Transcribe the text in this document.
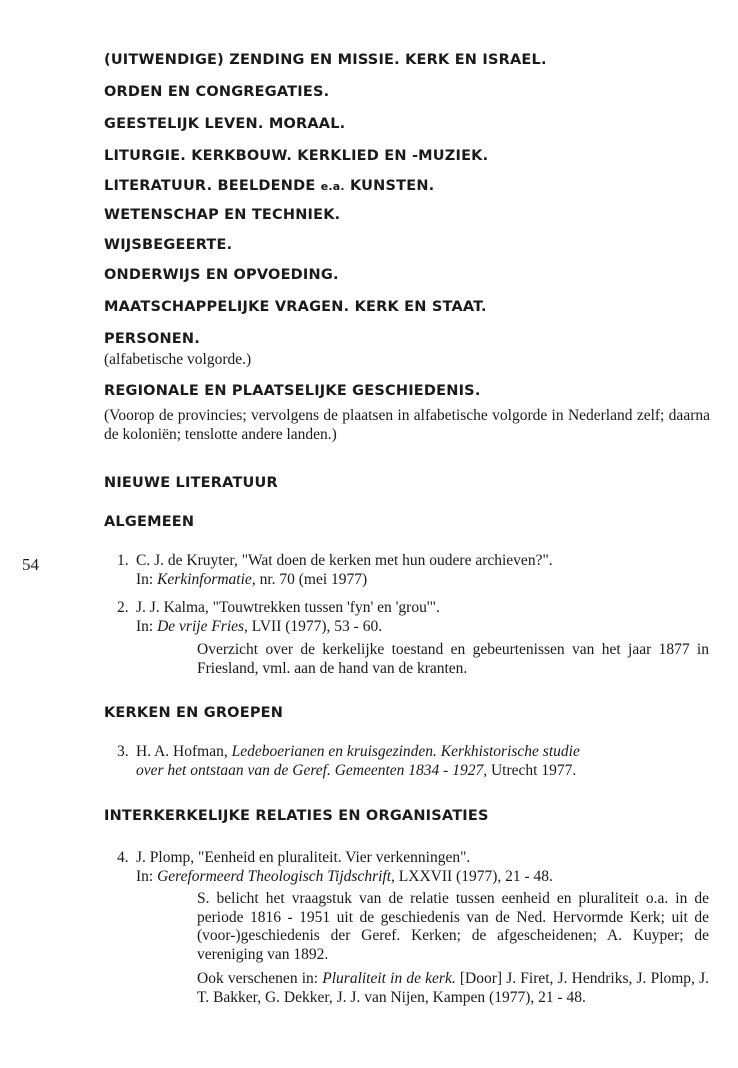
(UITWENDIGE) ZENDING EN MISSIE. KERK EN ISRAEL.
ORDEN EN CONGREGATIES.
GEESTELIJK LEVEN. MORAAL.
LITURGIE. KERKBOUW. KERKLIED EN -MUZIEK.
LITERATUUR. BEELDENDE e.a. KUNSTEN.
WETENSCHAP EN TECHNIEK.
WIJSBEGEERTE.
ONDERWIJS EN OPVOEDING.
MAATSCHAPPELIJKE VRAGEN. KERK EN STAAT.
PERSONEN.
(alfabetische volgorde.)
REGIONALE EN PLAATSELIJKE GESCHIEDENIS.
(Voorop de provincies; vervolgens de plaatsen in alfabetische volgorde in Nederland zelf; daarna de koloniën; tenslotte andere landen.)
NIEUWE LITERATUUR
ALGEMEEN
54	1. C. J. de Kruyter, "Wat doen de kerken met hun oudere archieven?".
In: Kerkinformatie, nr. 70 (mei 1977)
2. J. J. Kalma, "Touwtrekken tussen 'fyn' en 'grou'".
In: De vrije Fries, LVII (1977), 53 - 60.
Overzicht over de kerkelijke toestand en gebeurtenissen van het jaar 1877 in Friesland, vml. aan de hand van de kranten.
KERKEN EN GROEPEN
3. H. A. Hofman, Ledeboerianen en kruisgezinden. Kerkhistorische studie
over het ontstaan van de Geref. Gemeenten 1834 - 1927, Utrecht 1977.
INTERKERKELIJKE RELATIES EN ORGANISATIES
4. J. Plomp, "Eenheid en pluraliteit. Vier verkenningen".
In: Gereformeerd Theologisch Tijdschrift, LXXVII (1977), 21 - 48.
S. belicht het vraagstuk van de relatie tussen eenheid en pluraliteit o.a. in de periode 1816 - 1951 uit de geschiedenis van de Ned. Hervormde Kerk; uit de (voor-)geschiedenis der Geref. Kerken; de afgescheidenen; A. Kuyper; de vereniging van 1892.
Ook verschenen in: Pluraliteit in de kerk. [Door] J. Firet, J. Hendriks, J. Plomp, J. T. Bakker, G. Dekker, J. J. van Nijen, Kampen (1977), 21 - 48.
